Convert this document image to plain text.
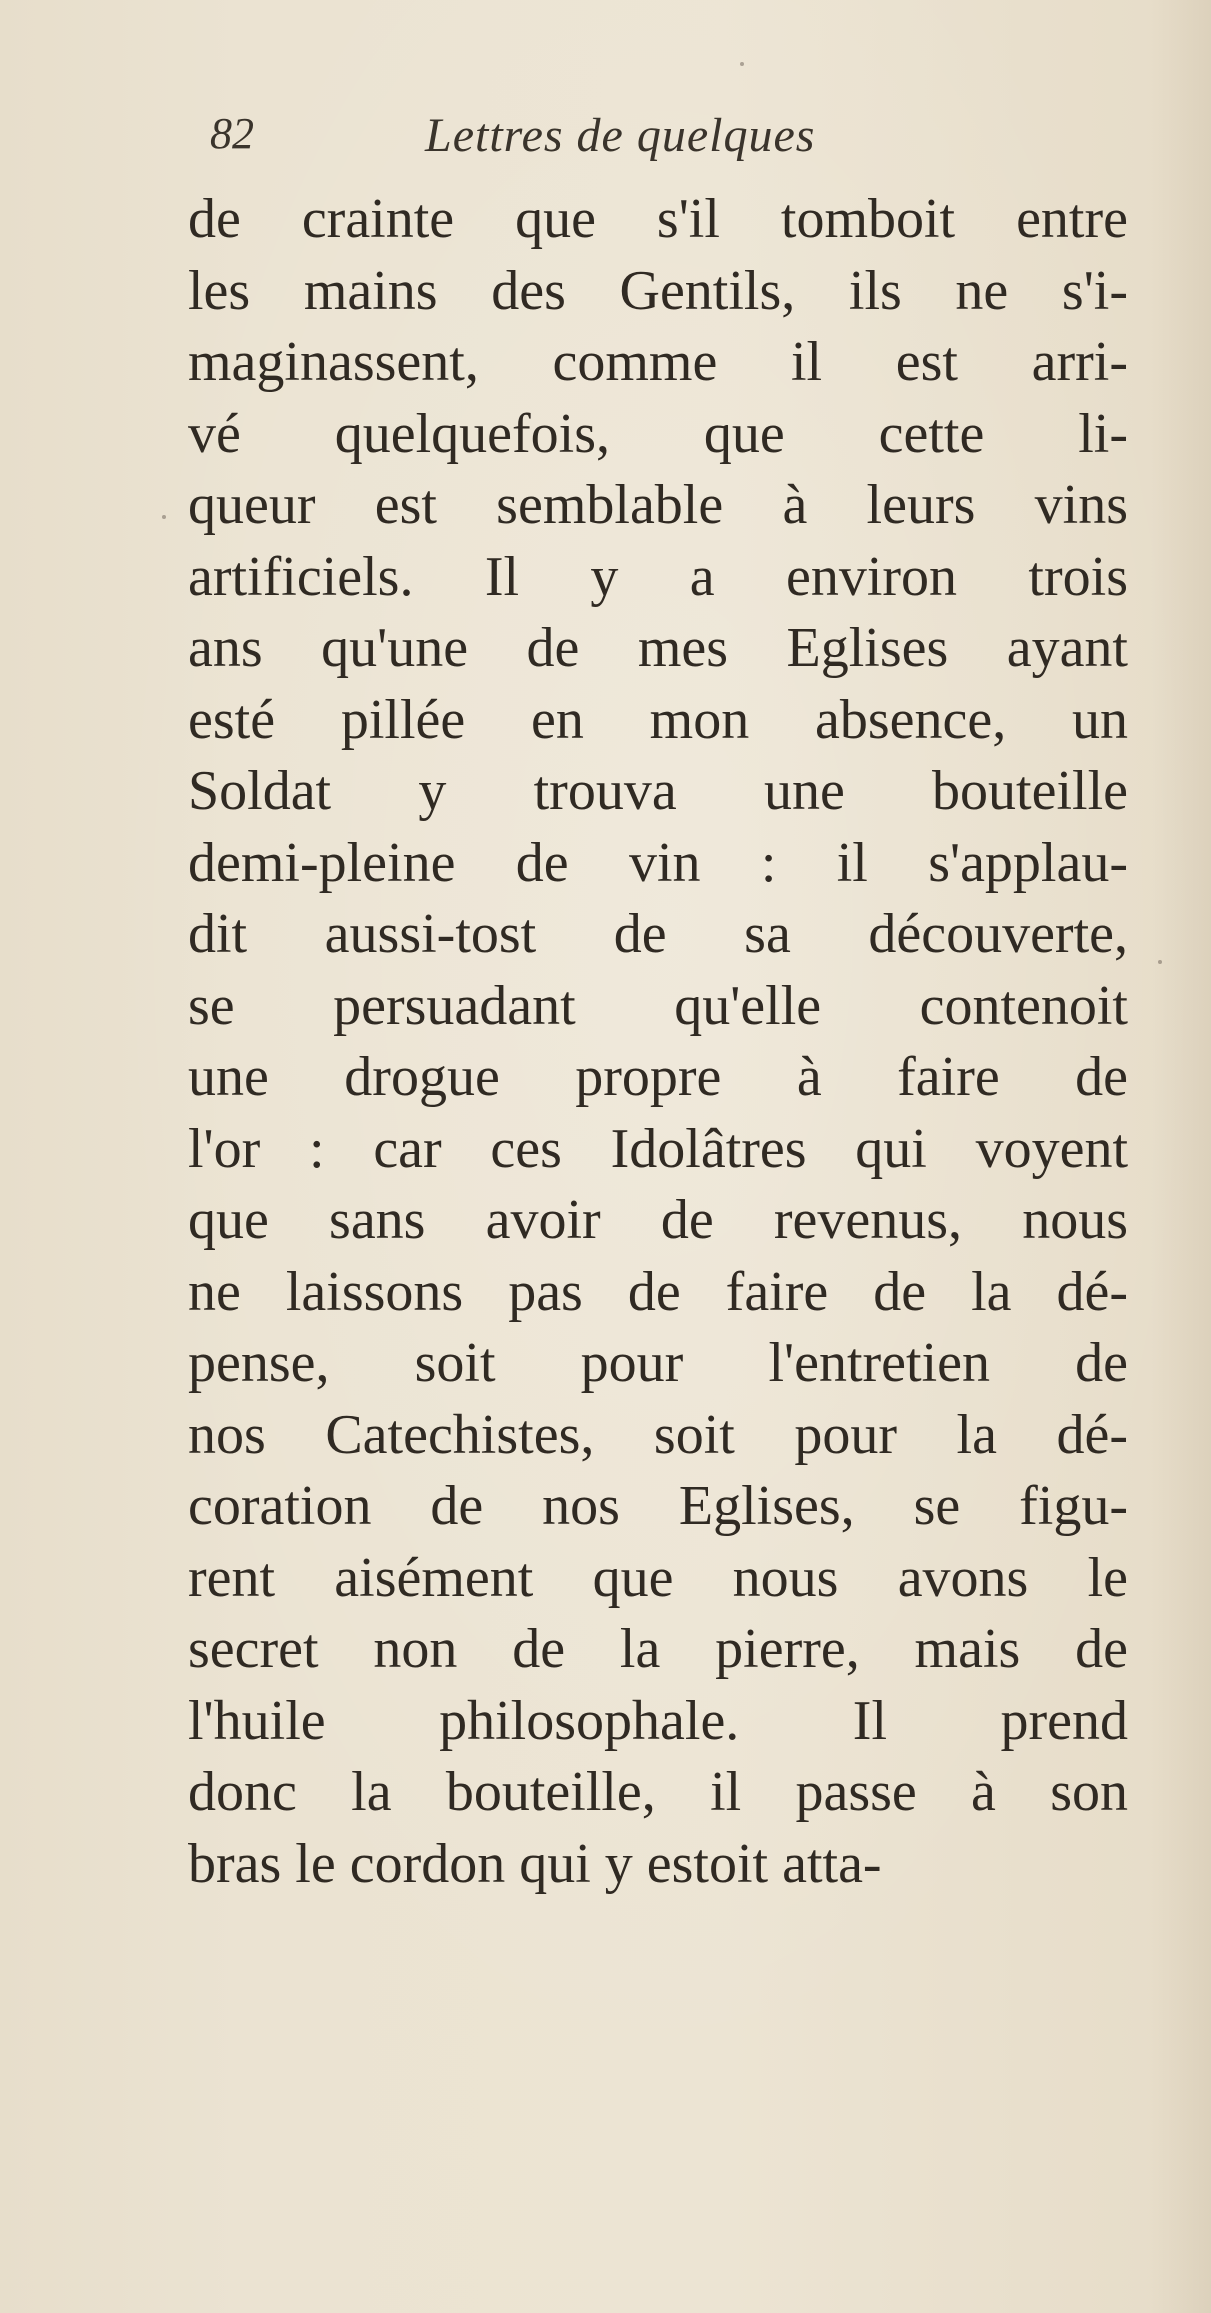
82	Lettres de quelques
de crainte que s'il tomboit entre
les mains des Gentils, ils ne s'i-
maginassent, comme il est arri-
vé quelquefois, que cette li-
queur est semblable à leurs vins
artificiels. Il y a environ trois
ans qu'une de mes Eglises ayant
esté pillée en mon absence, un
Soldat y trouva une bouteille
demi-pleine de vin : il s'applau-
dit aussi-tost de sa découverte,
se persuadant qu'elle contenoit
une drogue propre à faire de
l'or : car ces Idolâtres qui voyent
que sans avoir de revenus, nous
ne laissons pas de faire de la dé-
pense, soit pour l'entretien de
nos Catechistes, soit pour la dé-
coration de nos Eglises, se figu-
rent aisément que nous avons le
secret non de la pierre, mais de
l'huile philosophale. Il prend
donc la bouteille, il passe à son
bras le cordon qui y estoit atta-
